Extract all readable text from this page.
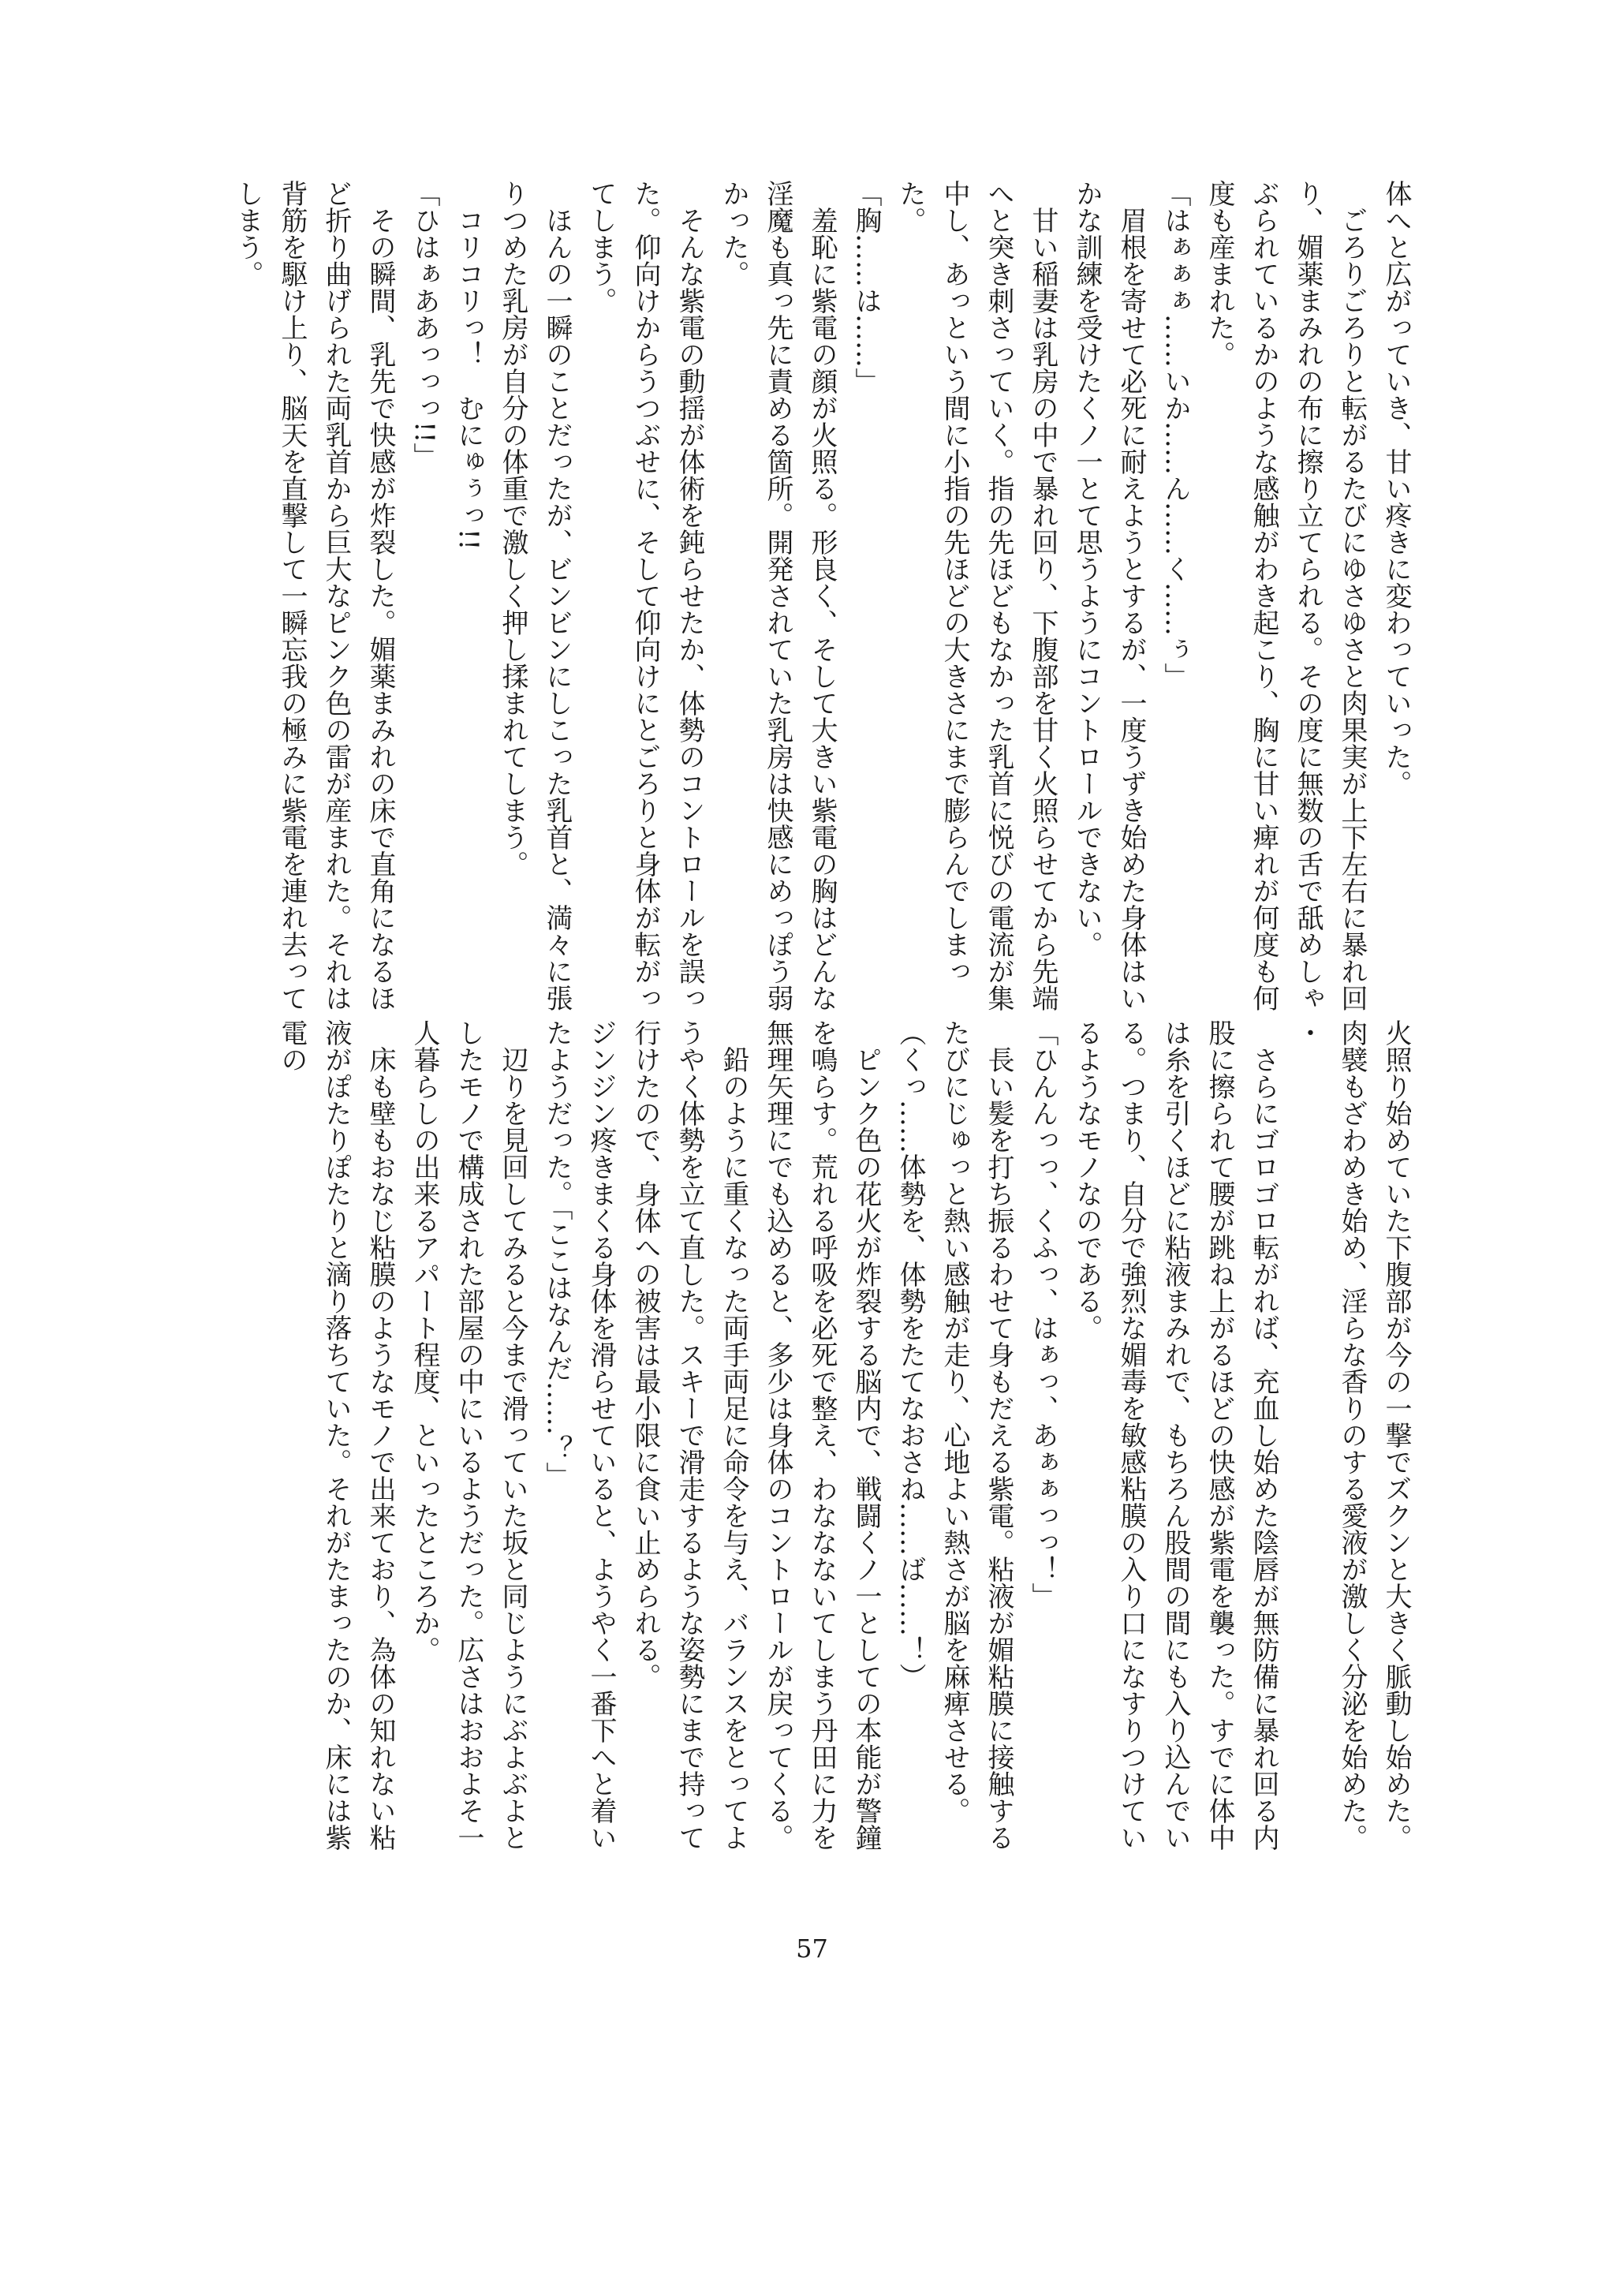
体へと広がっていき、甘い疼きに変わっていった。

ごろりごろりと転がるたびにゆさゆさと肉果実が上下左右に暴れ回り、媚薬まみれの布に擦り立てられる。その度に無数の舌で舐めしゃぶられているかのような感触がわき起こり、胸に甘い痺れが何度も何度も産まれた。

「はぁぁぁ……いか……ん……く……ぅ」

眉根を寄せて必死に耐えようとするが、一度うずき始めた身体はいかな訓練を受けたくノ一とて思うようにコントロールできない。

甘い稲妻は乳房の中で暴れ回り、下腹部を甘く火照らせてから先端へと突き刺さっていく。指の先ほどもなかった乳首に悦びの電流が集中し、あっという間に小指の先ほどの大きさにまで膨らんでしまった。

「胸……は……」

羞恥に紫電の顔が火照る。形良く、そして大きい紫電の胸はどんな淫魔も真っ先に責める箇所。開発されていた乳房は快感にめっぽう弱かった。

そんな紫電の動揺が体術を鈍らせたか、体勢のコントロールを誤った。仰向けからうつぶせに、そして仰向けにとごろりと身体が転がってしまう。

ほんの一瞬のことだったが、ビンビンにしこった乳首と、満々に張りつめた乳房が自分の体重で激しく押し揉まれてしまう。

コリコリっ！　むにゅぅっ!!

「ひはぁああっっっ!!」

その瞬間、乳先で快感が炸裂した。媚薬まみれの床で直角になるほど折り曲げられた両乳首から巨大なピンク色の雷が産まれた。それは背筋を駆け上り、脳天を直撃して一瞬忘我の極みに紫電を連れ去ってしまう。

火照り始めていた下腹部が今の一撃でズクンと大きく脈動し始めた。肉襞もざわめき始め、淫らな香りのする愛液が激しく分泌を始めた。

・

さらにゴロゴロ転がれば、充血し始めた陰唇が無防備に暴れ回る内股に擦られて腰が跳ね上がるほどの快感が紫電を襲った。すでに体中は糸を引くほどに粘液まみれで、もちろん股間の間にも入り込んでいる。つまり、自分で強烈な媚毒を敏感粘膜の入り口になすりつけているようなモノなのである。

「ひんんっっ、くふっ、はぁっ、あぁぁっっ！」

長い髪を打ち振るわせて身もだえる紫電。粘液が媚粘膜に接触するたびにじゅっと熱い感触が走り、心地よい熱さが脳を麻痺させる。

（くっ……体勢を、体勢をたてなおさね……ば……！）

ピンク色の花火が炸裂する脳内で、戦闘くノ一としての本能が警鐘を鳴らす。荒れる呼吸を必死で整え、わななないてしまう丹田に力を無理矢理にでも込めると、多少は身体のコントロールが戻ってくる。

鉛のように重くなった両手両足に命令を与え、バランスをとってようやく体勢を立て直した。スキーで滑走するような姿勢にまで持って行けたので、身体への被害は最小限に食い止められる。

ジンジン疼きまくる身体を滑らせていると、ようやく一番下へと着いたようだった。「ここはなんだ……？」

辺りを見回してみると今まで滑っていた坂と同じようにぶよぶよとしたモノで構成された部屋の中にいるようだった。広さはおおよそ一人暮らしの出来るアパート程度、といったところか。

床も壁もおなじ粘膜のようなモノで出来ており、為体の知れない粘液がぽたりぽたりと滴り落ちていた。それがたまったのか、床には紫電の

57
